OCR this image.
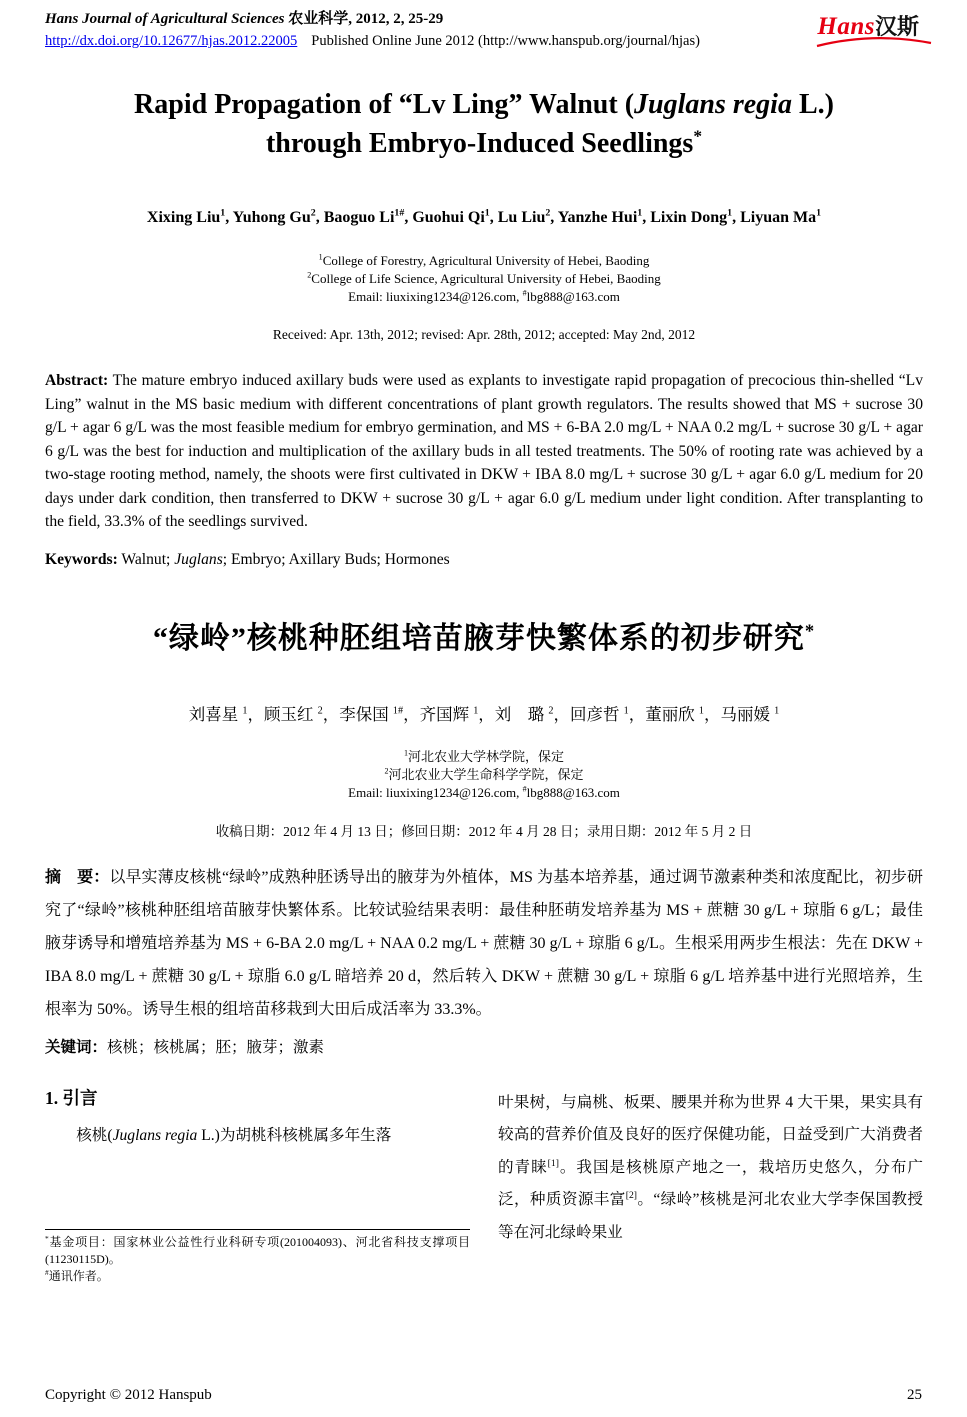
Hans Journal of Agricultural Sciences 农业科学, 2012, 2, 25-29
http://dx.doi.org/10.12677/hjas.2012.22005 Published Online June 2012 (http://www.hanspub.org/journal/hjas)
Hans汉斯
Rapid Propagation of “Lv Ling” Walnut (Juglans regia L.) through Embryo-Induced Seedlings*
Xixing Liu$^1$, Yuhong Gu$^2$, Baoguo $Li^{1\#}$, Guohui Qi$^1$, Lu Liu$^2$, Yanzhe Hui$^1$, Lixin Dong$^1$, Liyuan Ma$^1$
$^1$College of Forestry, Agricultural University of Hebei, Baoding
$^2$College of Life Science, Agricultural University of Hebei, Baoding
Email: liuxixing1234@126.com, #lbg888@163.com
Received: Apr. 13th, 2012; revised: Apr. 28th, 2012; accepted: May 2nd, 2012

Abstract: The mature embryo induced axillary buds were used as explants to investigate rapid propagation of precocious thin-shelled “Lv Ling” walnut in the MS basic medium with different concentrations of plant growth regulators. The results showed that MS + sucrose 30 g/L + agar 6 g/L was the most feasible medium for embryo germination, and MS + 6-BA 2.0 mg/L + NAA 0.2 mg/L + sucrose 30 g/L + agar 6 g/L was the best for induction and multiplication of the axillary buds in all tested treatments. The 50% of rooting rate was achieved by a two-stage rooting method, namely, the shoots were first cultivated in DKW + IBA 8.0 mg/L + sucrose 30 g/L + agar 6.0 g/L medium for 20 days under dark condition, then transferred to DKW + sucrose 30 g/L + agar 6.0 g/L medium under light condition. After transplanting to the field, 33.3% of the seedlings survived.

Keywords: Walnut; Juglans; Embryo; Axillary Buds; Hormones

“绿岭”核桃种胚组培苗腋芽快繁体系的初步研究*
刘喜星 $^1$，顾玉红 $^2$，李保国 $^{1\#}$，齐国辉 $^1$，刘　璐 $^2$，回彦哲 $^1$，董丽欣 $^1$，马丽媛 $^1$
$^1$河北农业大学林学院，保定
$^2$河北农业大学生命科学学院，保定
Email: liuxixing1234@126.com, #lbg888@163.com
收稿日期：2012 年 4 月 13 日；修回日期：2012 年 4 月 28 日；录用日期：2012 年 5 月 2 日

摘　要：以早实薄皮核桃“绿岭”成熟种胚诱导出的腋芽为外植体，MS 为基本培养基，通过调节激素种类和浓度配比，初步研究了“绿岭”核桃种胚组培苗腋芽快繁体系。比较试验结果表明：最佳种胚萌发培养基为 MS + 蔗糖 30 g/L + 琼脂 6 g/L；最佳腋芽诱导和增殖培养基为 MS + 6-BA 2.0 mg/L + NAA 0.2 mg/L + 蔗糖 30 g/L + 琼脂 6 g/L。生根采用两步生根法：先在 DKW + IBA 8.0 mg/L + 蔗糖 30 g/L + 琼脂 6.0 g/L 暗培养 20 d，然后转入 DKW + 蔗糖 30 g/L + 琼脂 6 g/L 培养基中进行光照培养，生根率为 50%。诱导生根的组培苗移栽到大田后成活率为 33.3%。

关键词：核桃；核桃属；胚；腋芽；激素

1. 引言

核桃(Juglans regia L.)为胡桃科核桃属多年生落

*基金项目：国家林业公益性行业科研专项(201004093)、河北省科技支撑项目(11230115D)。

#通讯作者。

叶果树，与扁桃、板栗、腰果并称为世界 4 大干果，果实具有较高的营养价值及良好的医疗保健功能，日益受到广大消费者的青睐[1]。我国是核桃原产地之一，栽培历史悠久，分布广泛，种质资源丰富[2]。“绿岭”核桃是河北农业大学李保国教授等在河北绿岭果业

Copyright © 2012 Hanspub	25
